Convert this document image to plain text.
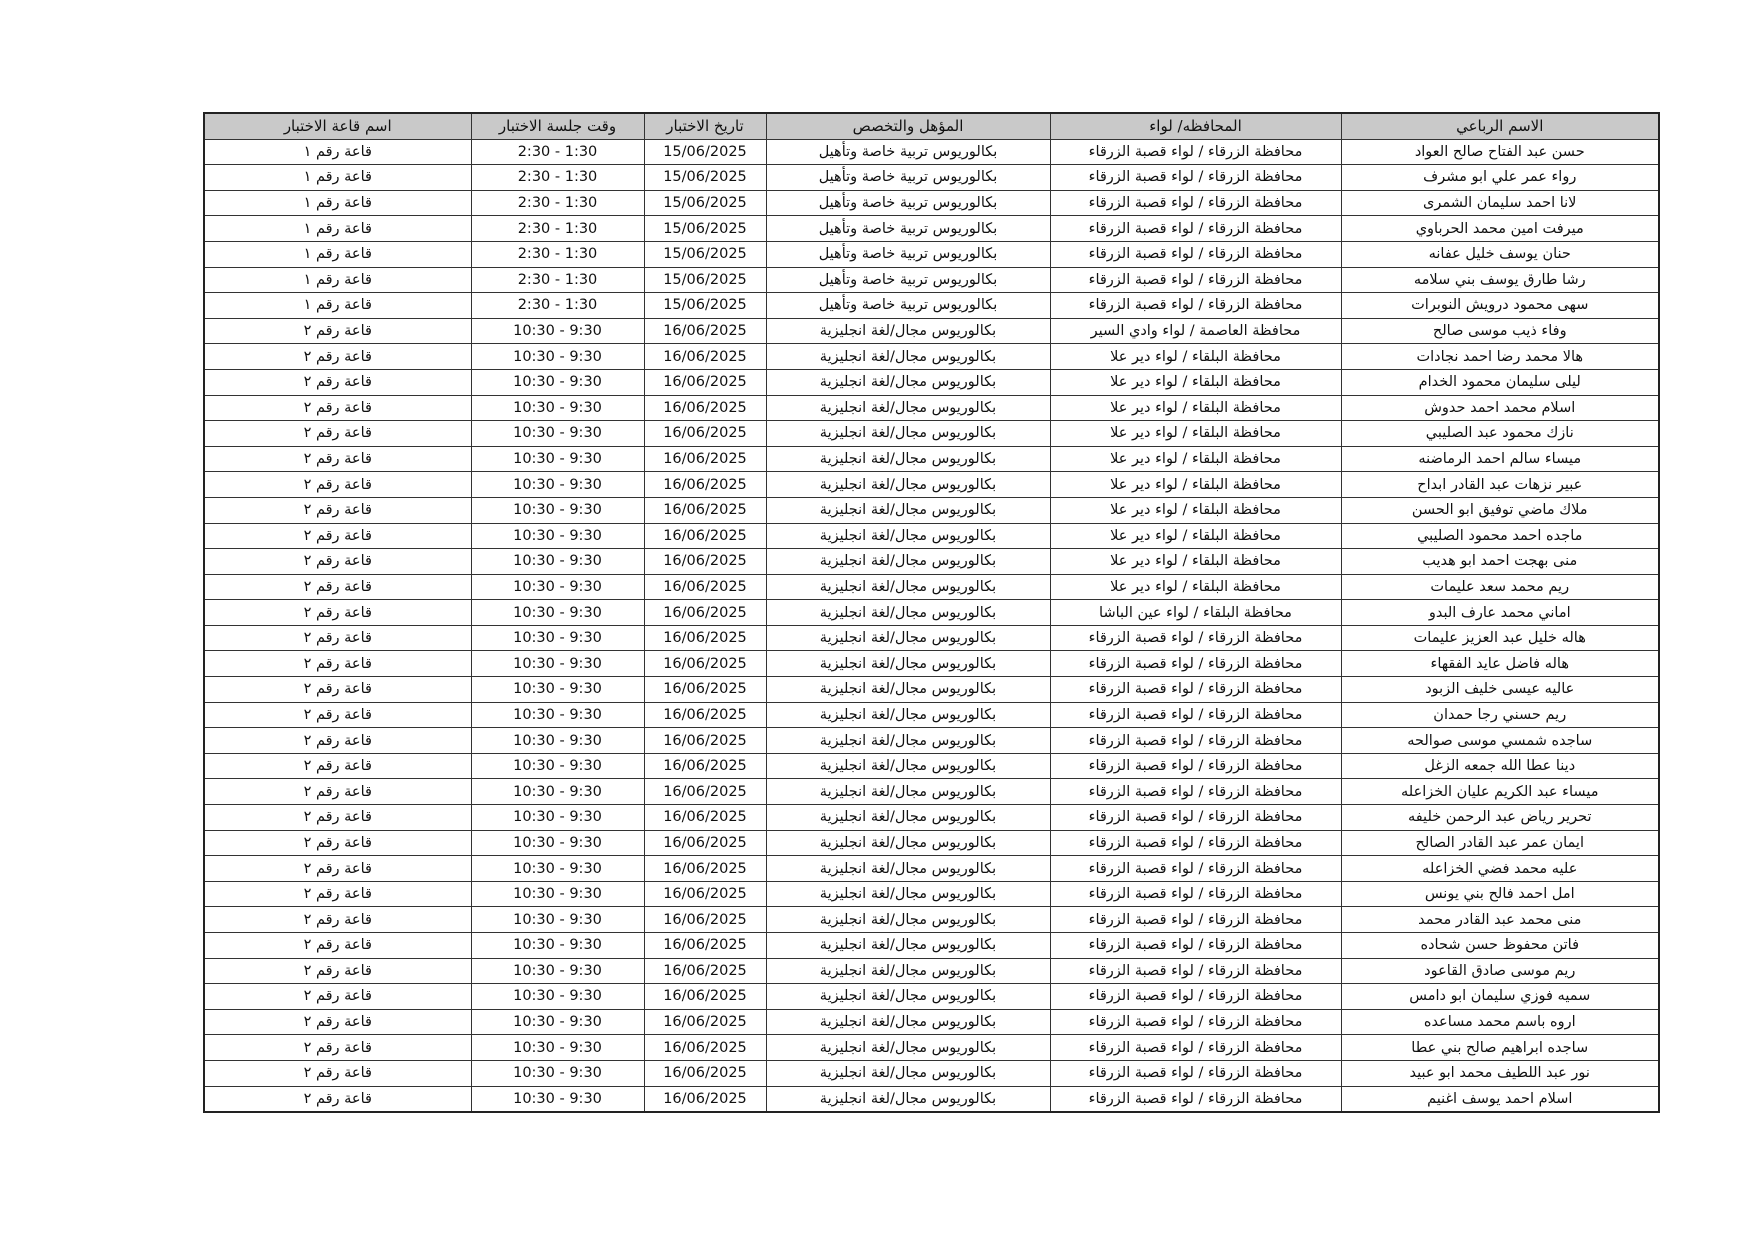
الاسم الرباعي	المحافظه/ لواء	المؤهل والتخصص	تاريخ الاختبار	وقت جلسة الاختبار	اسم قاعة الاختبار
حسن عبد الفتاح صالح العواد	محافظة الزرقاء / لواء قصبة الزرقاء	بكالوريوس تربية خاصة وتأهيل	15/06/2025	2:30 - 1:30	قاعة رقم ١
رواء عمر علي ابو مشرف	محافظة الزرقاء / لواء قصبة الزرقاء	بكالوريوس تربية خاصة وتأهيل	15/06/2025	2:30 - 1:30	قاعة رقم ١
لانا احمد سليمان الشمرى	محافظة الزرقاء / لواء قصبة الزرقاء	بكالوريوس تربية خاصة وتأهيل	15/06/2025	2:30 - 1:30	قاعة رقم ١
ميرفت امين محمد الحرباوي	محافظة الزرقاء / لواء قصبة الزرقاء	بكالوريوس تربية خاصة وتأهيل	15/06/2025	2:30 - 1:30	قاعة رقم ١
حنان يوسف خليل عفانه	محافظة الزرقاء / لواء قصبة الزرقاء	بكالوريوس تربية خاصة وتأهيل	15/06/2025	2:30 - 1:30	قاعة رقم ١
رشا طارق يوسف بني سلامه	محافظة الزرقاء / لواء قصبة الزرقاء	بكالوريوس تربية خاصة وتأهيل	15/06/2025	2:30 - 1:30	قاعة رقم ١
سهى محمود درويش النوبرات	محافظة الزرقاء / لواء قصبة الزرقاء	بكالوريوس تربية خاصة وتأهيل	15/06/2025	2:30 - 1:30	قاعة رقم ١
وفاء ذيب موسى صالح	محافظة العاصمة / لواء وادي السير	بكالوريوس مجال/لغة انجليزية	16/06/2025	10:30 - 9:30	قاعة رقم ٢
هالا محمد رضا احمد نجادات	محافظة البلقاء / لواء دير علا	بكالوريوس مجال/لغة انجليزية	16/06/2025	10:30 - 9:30	قاعة رقم ٢
ليلى سليمان محمود الخدام	محافظة البلقاء / لواء دير علا	بكالوريوس مجال/لغة انجليزية	16/06/2025	10:30 - 9:30	قاعة رقم ٢
اسلام محمد احمد حدوش	محافظة البلقاء / لواء دير علا	بكالوريوس مجال/لغة انجليزية	16/06/2025	10:30 - 9:30	قاعة رقم ٢
نازك محمود عبد الصليبي	محافظة البلقاء / لواء دير علا	بكالوريوس مجال/لغة انجليزية	16/06/2025	10:30 - 9:30	قاعة رقم ٢
ميساء سالم احمد الرماضنه	محافظة البلقاء / لواء دير علا	بكالوريوس مجال/لغة انجليزية	16/06/2025	10:30 - 9:30	قاعة رقم ٢
عبير نزهات عبد القادر ابداح	محافظة البلقاء / لواء دير علا	بكالوريوس مجال/لغة انجليزية	16/06/2025	10:30 - 9:30	قاعة رقم ٢
ملاك ماضي توفيق ابو الحسن	محافظة البلقاء / لواء دير علا	بكالوريوس مجال/لغة انجليزية	16/06/2025	10:30 - 9:30	قاعة رقم ٢
ماجده احمد محمود الصليبي	محافظة البلقاء / لواء دير علا	بكالوريوس مجال/لغة انجليزية	16/06/2025	10:30 - 9:30	قاعة رقم ٢
منى بهجت احمد ابو هديب	محافظة البلقاء / لواء دير علا	بكالوريوس مجال/لغة انجليزية	16/06/2025	10:30 - 9:30	قاعة رقم ٢
ريم محمد سعد عليمات	محافظة البلقاء / لواء دير علا	بكالوريوس مجال/لغة انجليزية	16/06/2025	10:30 - 9:30	قاعة رقم ٢
اماني محمد عارف البدو	محافظة البلقاء / لواء عين الباشا	بكالوريوس مجال/لغة انجليزية	16/06/2025	10:30 - 9:30	قاعة رقم ٢
هاله خليل عبد العزيز عليمات	محافظة الزرقاء / لواء قصبة الزرقاء	بكالوريوس مجال/لغة انجليزية	16/06/2025	10:30 - 9:30	قاعة رقم ٢
هاله فاضل عايد الفقهاء	محافظة الزرقاء / لواء قصبة الزرقاء	بكالوريوس مجال/لغة انجليزية	16/06/2025	10:30 - 9:30	قاعة رقم ٢
عاليه عيسى خليف الزبود	محافظة الزرقاء / لواء قصبة الزرقاء	بكالوريوس مجال/لغة انجليزية	16/06/2025	10:30 - 9:30	قاعة رقم ٢
ريم حسني رجا حمدان	محافظة الزرقاء / لواء قصبة الزرقاء	بكالوريوس مجال/لغة انجليزية	16/06/2025	10:30 - 9:30	قاعة رقم ٢
ساجده شمسي موسى صوالحه	محافظة الزرقاء / لواء قصبة الزرقاء	بكالوريوس مجال/لغة انجليزية	16/06/2025	10:30 - 9:30	قاعة رقم ٢
دينا عطا الله جمعه الزغل	محافظة الزرقاء / لواء قصبة الزرقاء	بكالوريوس مجال/لغة انجليزية	16/06/2025	10:30 - 9:30	قاعة رقم ٢
ميساء عبد الكريم عليان الخزاعله	محافظة الزرقاء / لواء قصبة الزرقاء	بكالوريوس مجال/لغة انجليزية	16/06/2025	10:30 - 9:30	قاعة رقم ٢
تحرير رياض عبد الرحمن خليفه	محافظة الزرقاء / لواء قصبة الزرقاء	بكالوريوس مجال/لغة انجليزية	16/06/2025	10:30 - 9:30	قاعة رقم ٢
ايمان عمر عبد القادر الصالح	محافظة الزرقاء / لواء قصبة الزرقاء	بكالوريوس مجال/لغة انجليزية	16/06/2025	10:30 - 9:30	قاعة رقم ٢
عليه محمد فضي الخزاعله	محافظة الزرقاء / لواء قصبة الزرقاء	بكالوريوس مجال/لغة انجليزية	16/06/2025	10:30 - 9:30	قاعة رقم ٢
امل احمد فالح بني يونس	محافظة الزرقاء / لواء قصبة الزرقاء	بكالوريوس مجال/لغة انجليزية	16/06/2025	10:30 - 9:30	قاعة رقم ٢
منى محمد عبد القادر محمد	محافظة الزرقاء / لواء قصبة الزرقاء	بكالوريوس مجال/لغة انجليزية	16/06/2025	10:30 - 9:30	قاعة رقم ٢
فاتن محفوظ حسن شحاده	محافظة الزرقاء / لواء قصبة الزرقاء	بكالوريوس مجال/لغة انجليزية	16/06/2025	10:30 - 9:30	قاعة رقم ٢
ريم موسى صادق القاعود	محافظة الزرقاء / لواء قصبة الزرقاء	بكالوريوس مجال/لغة انجليزية	16/06/2025	10:30 - 9:30	قاعة رقم ٢
سميه فوزي سليمان ابو دامس	محافظة الزرقاء / لواء قصبة الزرقاء	بكالوريوس مجال/لغة انجليزية	16/06/2025	10:30 - 9:30	قاعة رقم ٢
اروه باسم محمد مساعده	محافظة الزرقاء / لواء قصبة الزرقاء	بكالوريوس مجال/لغة انجليزية	16/06/2025	10:30 - 9:30	قاعة رقم ٢
ساجده ابراهيم صالح بني عطا	محافظة الزرقاء / لواء قصبة الزرقاء	بكالوريوس مجال/لغة انجليزية	16/06/2025	10:30 - 9:30	قاعة رقم ٢
نور عبد اللطيف محمد ابو عبيد	محافظة الزرقاء / لواء قصبة الزرقاء	بكالوريوس مجال/لغة انجليزية	16/06/2025	10:30 - 9:30	قاعة رقم ٢
اسلام احمد يوسف اغنيم	محافظة الزرقاء / لواء قصبة الزرقاء	بكالوريوس مجال/لغة انجليزية	16/06/2025	10:30 - 9:30	قاعة رقم ٢
